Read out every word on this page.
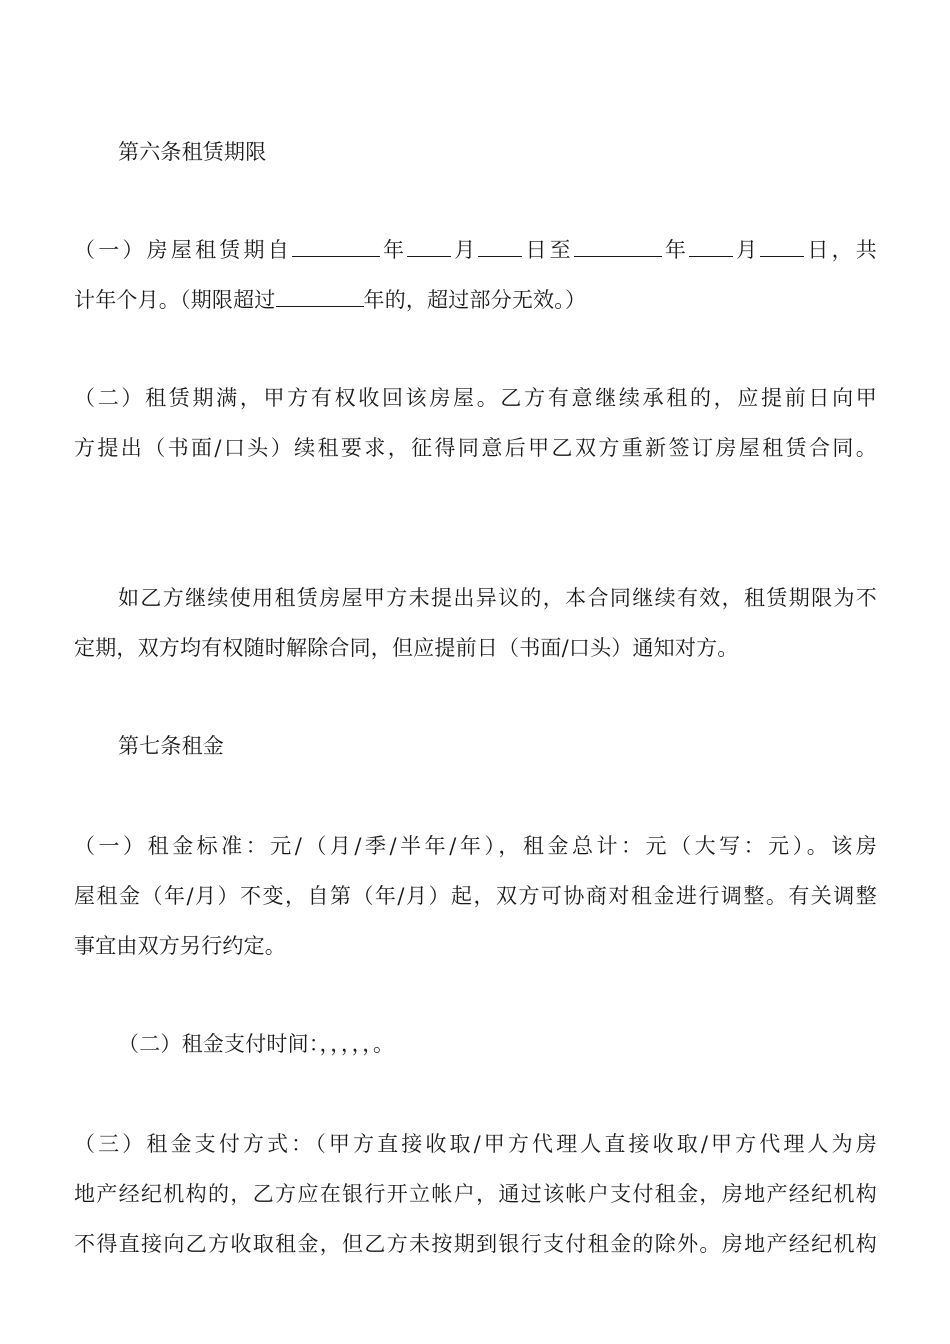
第六条租赁期限
（一）房屋租赁期自	年 月 日至	年 月 日，共
计年个月。（期限超过	年的，超过部分无效。）
（二）租赁期满，甲方有权收回该房屋。乙方有意继续承租的，应提前日向甲
方提出（书面/口头）续租要求，征得同意后甲乙双方重新签订房屋租赁合同。
如乙方继续使用租赁房屋甲方未提出异议的，本合同继续有效，租赁期限为不
定期，双方均有权随时解除合同，但应提前日（书面/口头）通知对方。
第七条租金
（一）租金标准：元/（月/季/半年/年），租金总计：元（大写：元）。该房
屋租金（年/月）不变，自第（年/月）起，双方可协商对租金进行调整。有关调整
事宜由双方另行约定。
（二）租金支付时间：，，，，，。
（三）租金支付方式：（甲方直接收取/甲方代理人直接收取/甲方代理人为房
地产经纪机构的，乙方应在银行开立帐户，通过该帐户支付租金，房地产经纪机构
不得直接向乙方收取租金，但乙方未按期到银行支付租金的除外。房地产经纪机构
